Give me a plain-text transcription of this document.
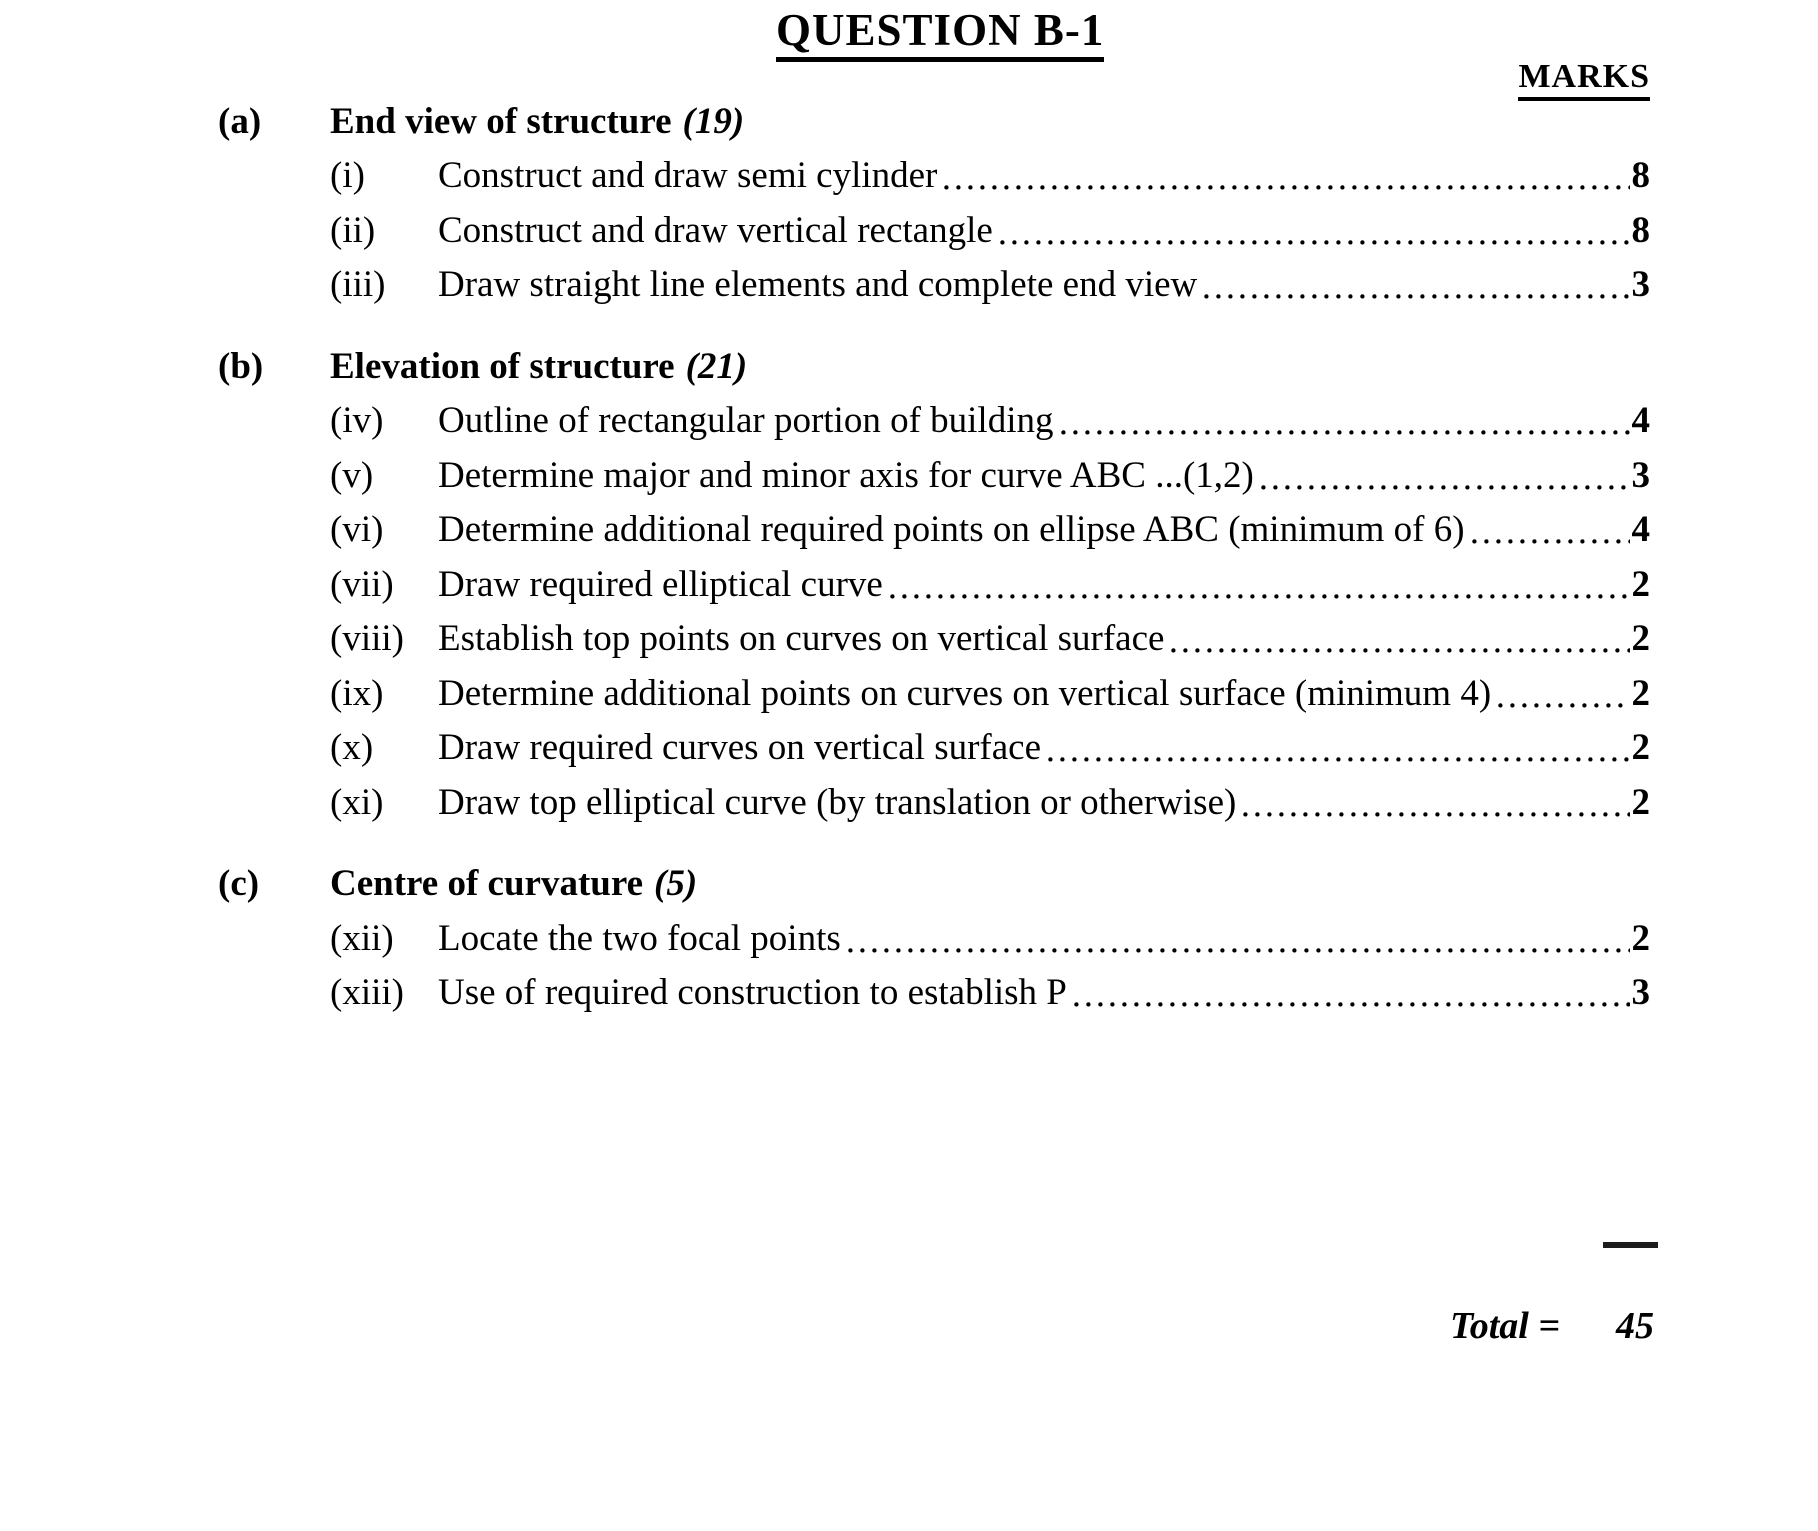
QUESTION B-1
MARKS
(a)	End view of structure (19)
(i)	Construct and draw semi cylinder	8
(ii)	Construct and draw vertical rectangle	8
(iii)	Draw straight line elements and complete end view	3
(b)	Elevation of structure (21)
(iv)	Outline of rectangular portion of building	4
(v)	Determine major and minor axis for curve ABC ...(1,2)	3
(vi)	Determine additional required points on ellipse ABC (minimum of 6)	4
(vii)	Draw required elliptical curve	2
(viii) Establish top points on curves on vertical surface	2
(ix)	Determine additional points on curves on vertical surface (minimum 4)	2
(x)	Draw required curves on vertical surface	2
(xi)	Draw top elliptical curve (by translation or otherwise)	2
(c)	Centre of curvature (5)
(xii)	Locate the two focal points	2
(xiii) Use of required construction to establish P	3
Total = 45
